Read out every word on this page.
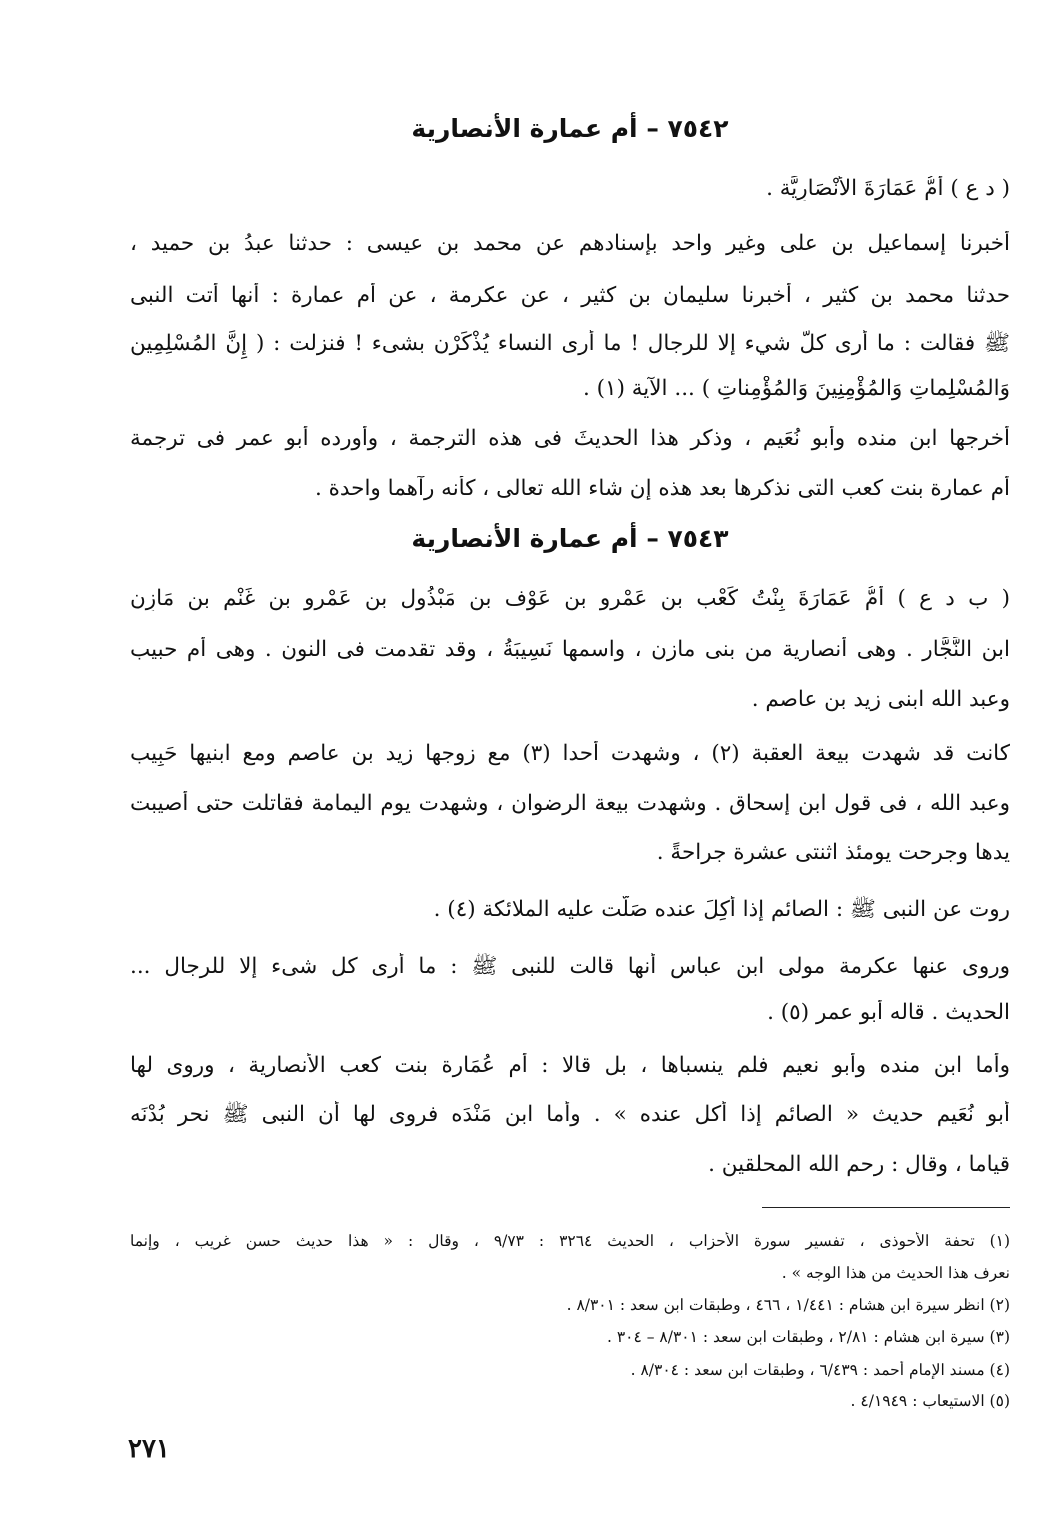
٧٥٤٢ – أم عمارة الأنصارية
( د ع ) أُمُّ عَمَارَةَ الأَنْصَارِيَّة .
أخبرنا إسماعيل بن على وغير واحد بإسنادهم عن محمد بن عيسى : حدثنا عبدُ بن حميد ،
حدثنا محمد بن كثير ، أخبرنا سليمان بن كثير ، عن عكرمة ، عن أم عمارة : أنها أتت النبى
ﷺ فقالت : ما أرى كلَّ شيء إلا للرجال ! ما أرى النساء يُذْكَرْن بشىء ! فنزلت : ( إِنَّ المُسْلِمِين
وَالمُسْلِماتِ وَالمُؤْمِنِينَ وَالمُؤْمِناتِ ) ... الآية (١) .
أخرجها ابن منده وأبو نُعَيم ، وذكر هذا الحديثَ فى هذه الترجمة ، وأورده أبو عمر فى ترجمة
أم عمارة بنت كعب التى نذكرها بعد هذه إن شاء الله تعالى ، كأنه رآهما واحدة .
٧٥٤٣ – أم عمارة الأنصارية
( ب د ع ) أُمُّ عَمَارَةَ بِنْتُ كَعْب بن عَمْرو بن عَوْف بن مَبْذُول بن عَمْرو بن غَنْم بن مَازِن
ابن النَّجَّار . وهى أنصارية من بنى مازن ، واسمها نَسِيبَةُ ، وقد تقدمت فى النون . وهى أم حبيب
وعبد الله ابنى زيد بن عاصم .
كانت قد شهدت بيعة العقبة (٢) ، وشهدت أحدا (٣) مع زوجها زيد بن عاصم ومع ابنيها حَبِيب
وعبد الله ، فى قول ابن إسحاق . وشهدت بيعة الرضوان ، وشهدت يوم اليمامة فقاتلت حتى أصيبت
يدها وجرحت يومئذ اثنتى عشرة جراحةً .
روت عن النبى ﷺ : الصائم إذا أُكِلَ عنده صَلَّت عليه الملائكة (٤) .
وروى عنها عكرمة مولى ابن عباس أنها قالت للنبى ﷺ : ما أرى كل شىء إلا للرجال ...
الحديث . قاله أبو عمر (٥) .
وأما ابن منده وأبو نعيم فلم ينسباها ، بل قالا : أُم عُمَارة بنت كعب الأنصارية ، وروى لها
أبو نُعَيم حديث « الصائم إذا أُكل عنده » . وأما ابن مَنْدَه فروى لها أن النبى ﷺ نحر بُدْنَه
قياما ، وقال : رحم الله المحلقين .
(١) تحفة الأحوذى ، تفسير سورة الأحزاب ، الحديث ٣٢٦٤ : ٩/٧٣ ، وقال : « هذا حديث حسن غريب ، وإنما
نعرف هذا الحديث من هذا الوجه » .
(٢) انظر سيرة ابن هشام : ١/٤٤١ ، ٤٦٦ ، وطبقات ابن سعد : ٨/٣٠١ .
(٣) سيرة ابن هشام : ٢/٨١ ، وطبقات ابن سعد : ٨/٣٠١ – ٣٠٤ .
(٤) مسند الإمام أحمد : ٦/٤٣٩ ، وطبقات ابن سعد : ٨/٣٠٤ .
(٥) الاستيعاب : ٤/١٩٤٩ .
٢٧١
